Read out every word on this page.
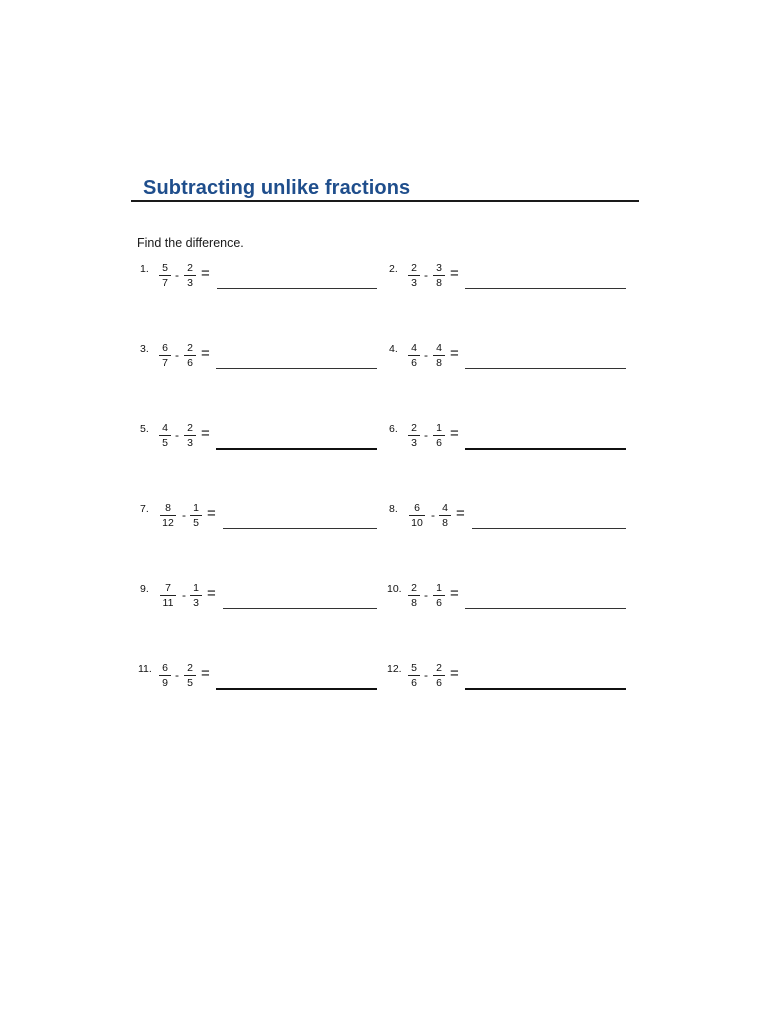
Subtracting unlike fractions
Find the difference.
1.	5
7
- 2
3
=	2.	2
3
- 3
8
=
3.	6
7
- 2
6
=	4.	4
6
- 4
8
=
5.	4
5
- 2
3
=	6.	2
3
- 1
6
=
7.	8
12
- 1
5
=	8.	6
10
- 4
8
=
9.	7
11
- 1
3
=	10. 2
8
- 1
6
=
11. 6
9
- 2
5
=	12. 5
6
- 2
6
=
